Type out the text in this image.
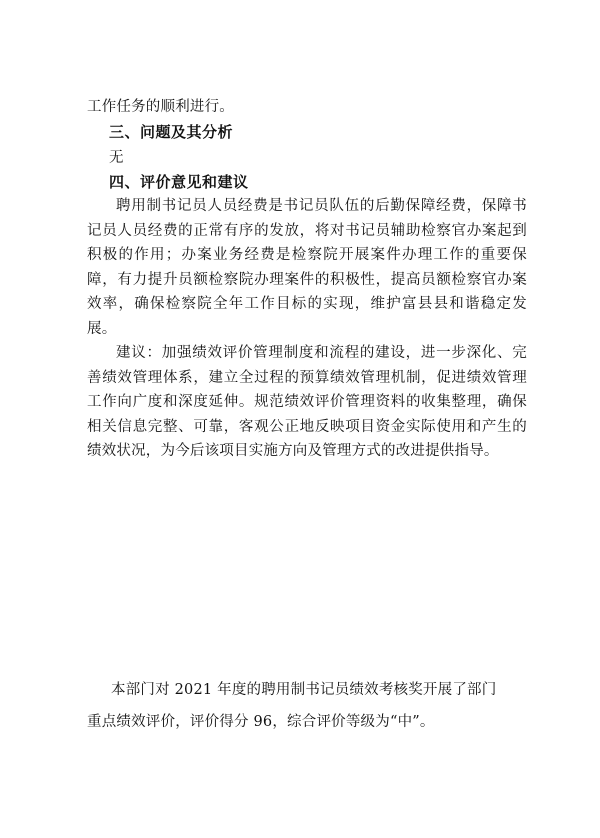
工作任务的顺利进行。
三、问题及其分析
无
四、评价意见和建议

聘用制书记员人员经费是书记员队伍的后勤保障经费，保障书记员人员经费的正常有序的发放，将对书记员辅助检察官办案起到积极的作用；办案业务经费是检察院开展案件办理工作的重要保障，有力提升员额检察院办理案件的积极性，提高员额检察官办案效率，确保检察院全年工作目标的实现，维护富县县和谐稳定发展。

建议：加强绩效评价管理制度和流程的建设，进一步深化、完善绩效管理体系，建立全过程的预算绩效管理机制，促进绩效管理工作向广度和深度延伸。规范绩效评价管理资料的收集整理，确保相关信息完整、可靠，客观公正地反映项目资金实际使用和产生的绩效状况，为今后该项目实施方向及管理方式的改进提供指导。

本部门对 2021 年度的聘用制书记员绩效考核奖开展了部门
重点绩效评价，评价得分 96，综合评价等级为“中”。
